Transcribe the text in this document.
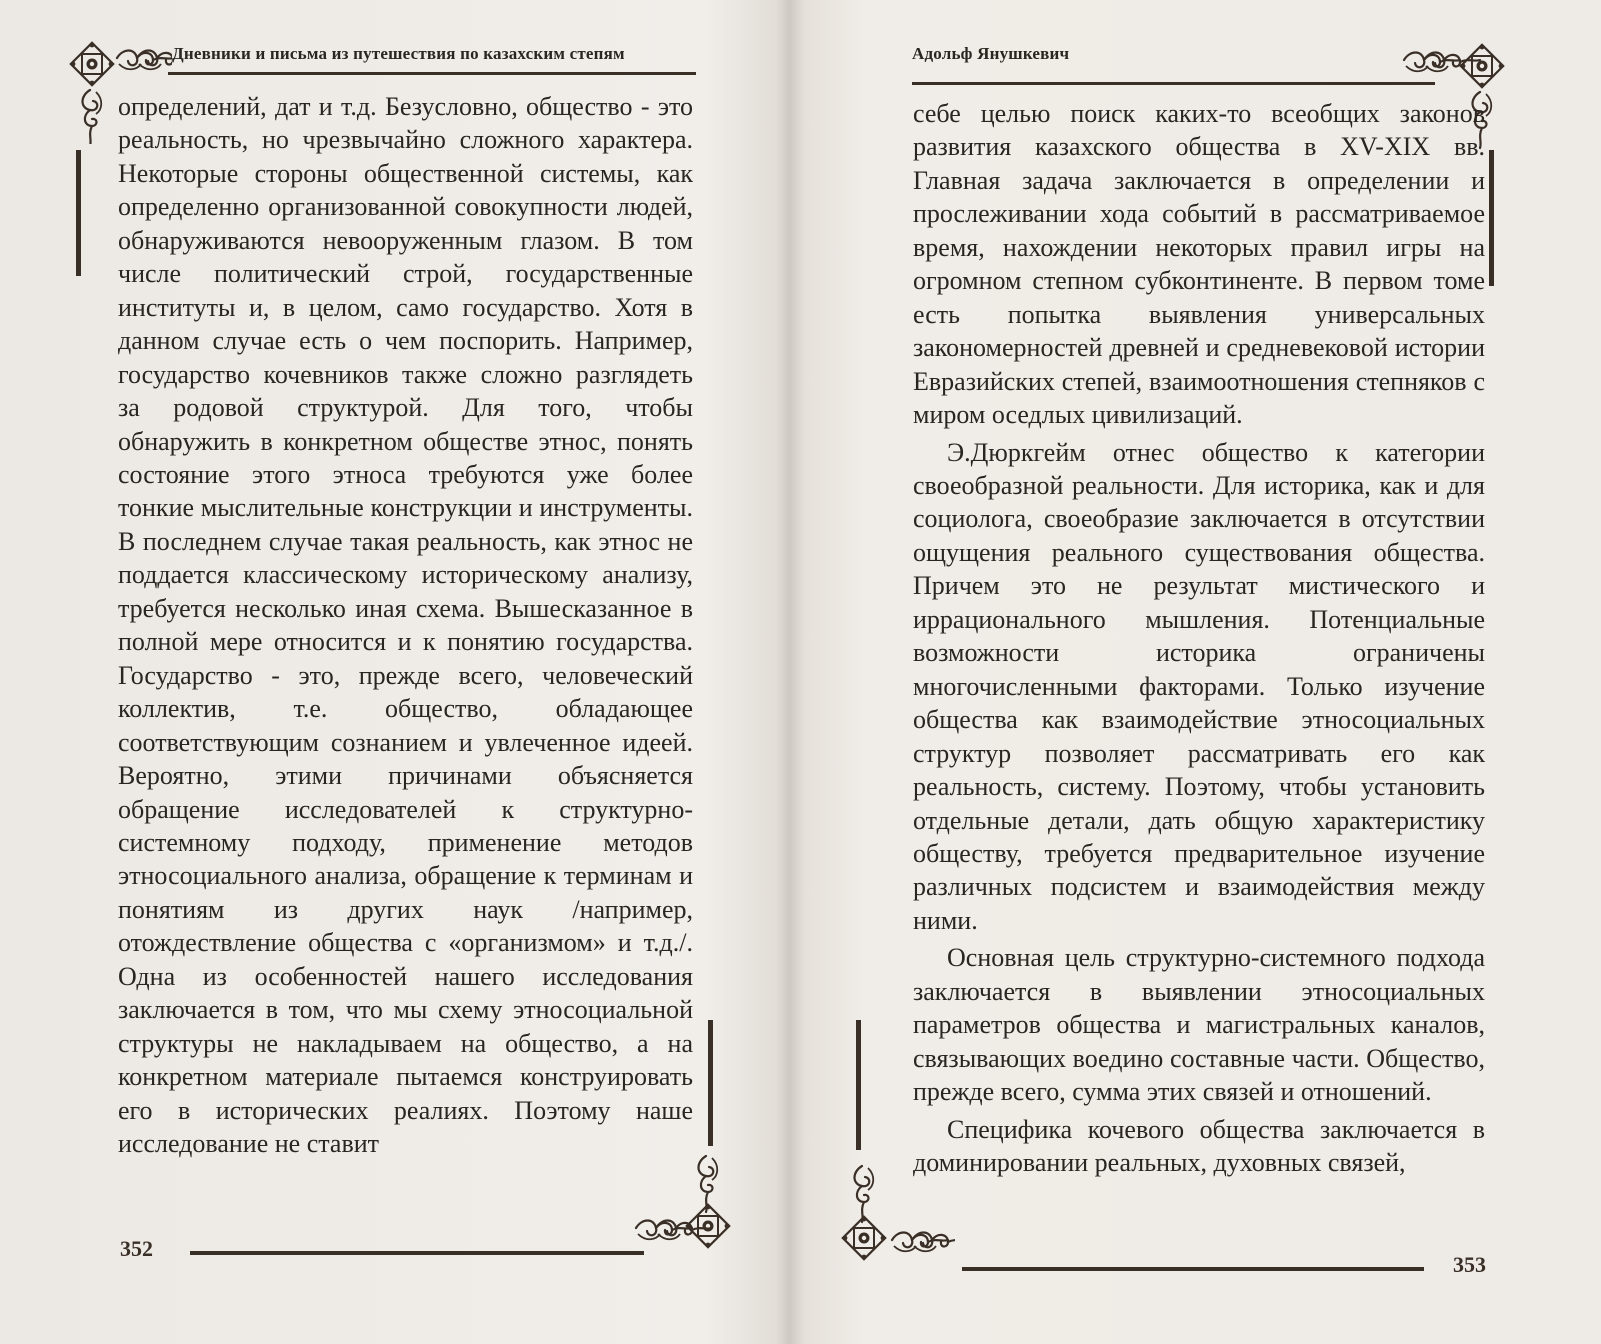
Дневники и письма из путешествия по казахским степям

определений, дат и т.д. Безусловно, общество - это реальность, но чрезвычайно сложного характера. Некоторые стороны общественной системы, как определенно организованной совокупности людей, обнаруживаются невооруженным глазом. В том числе политический строй, государственные институты и, в целом, само государство. Хотя в данном случае есть о чем поспорить. Например, государство кочевников также сложно разглядеть за родовой структурой. Для того, чтобы обнаружить в конкретном обществе этнос, понять состояние этого этноса требуются уже более тонкие мыслительные конструкции и инструменты. В последнем случае такая реальность, как этнос не поддается классическому историческому анализу, требуется несколько иная схема. Вышесказанное в полной мере относится и к понятию государства. Государство - это, прежде всего, человеческий коллектив, т.е. общество, обладающее соответствующим сознанием и увлеченное идеей. Вероятно, этими причинами объясняется обращение исследователей к структурно-системному подходу, применение методов этносоциального анализа, обращение к терминам и понятиям из других наук /например, отождествление общества с «организмом» и т.д./. Одна из особенностей нашего исследования заключается в том, что мы схему этносоциальной структуры не накладываем на общество, а на конкретном материале пытаемся конструировать его в исторических реалиях. Поэтому наше исследование не ставит

352
Адольф Янушкевич

себе целью поиск каких-то всеобщих законов развития казахского общества в XV-XIX вв. Главная задача заключается в определении и прослеживании хода событий в рассматриваемое время, нахождении некоторых правил игры на огромном степном субконтиненте. В первом томе есть попытка выявления универсальных закономерностей древней и средневековой истории Евразийских степей, взаимоотношения степняков с миром оседлых цивилизаций.

Э.Дюркгейм отнес общество к категории своеобразной реальности. Для историка, как и для социолога, своеобразие заключается в отсутствии ощущения реального существования общества. Причем это не результат мистического и иррационального мышления. Потенциальные возможности историка ограничены многочисленными факторами. Только изучение общества как взаимодействие этносоциальных структур позволяет рассматривать его как реальность, систему. Поэтому, чтобы установить отдельные детали, дать общую характеристику обществу, требуется предварительное изучение различных подсистем и взаимодействия между ними.

Основная цель структурно-системного подхода заключается в выявлении этносоциальных параметров общества и магистральных каналов, связывающих воедино составные части. Общество, прежде всего, сумма этих связей и отношений.

Специфика кочевого общества заключается в доминировании реальных, духовных связей,

353
